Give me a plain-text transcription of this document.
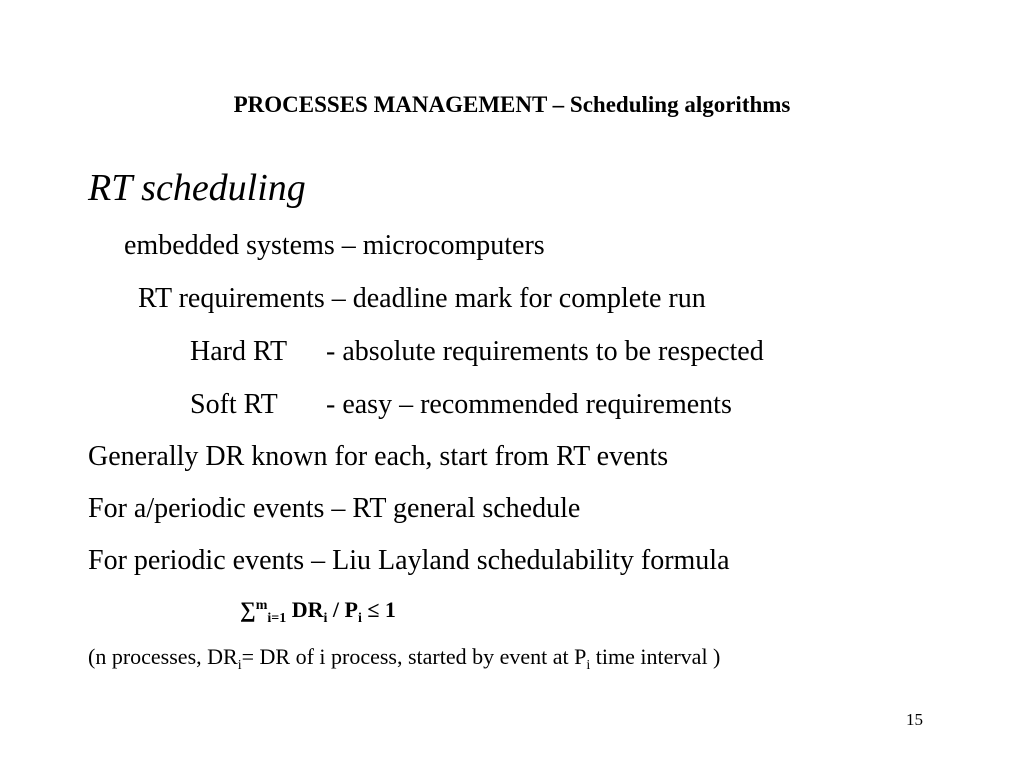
PROCESSES MANAGEMENT – Scheduling algorithms
RT scheduling
embedded systems – microcomputers
RT requirements – deadline mark for complete run
Hard RT - absolute requirements to be respected
Soft RT - easy – recommended requirements
Generally DR known for each, start from RT events
For a/periodic events – RT general schedule
For periodic events – Liu Layland schedulability formula
∑$^m_{i=1}$ $DR_i / P_i \le 1$
(n processes, $DR_i=$ DR of i process, started by event at $P_i$ time interval )
15
